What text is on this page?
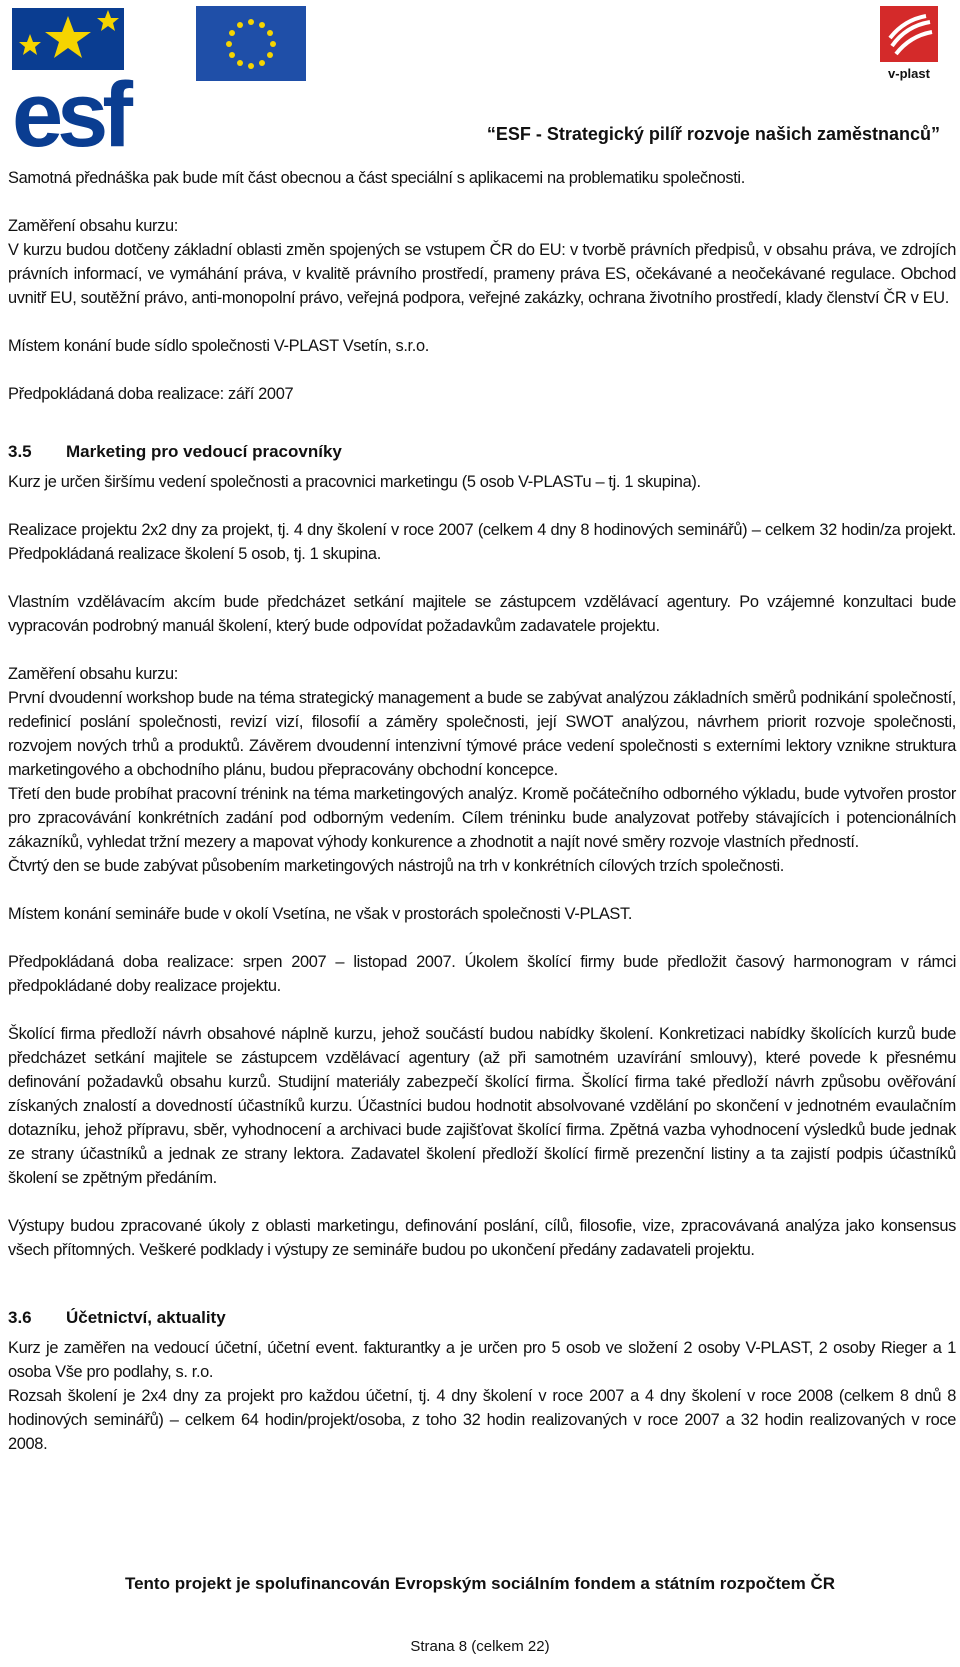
esf	v-plast
“ESF - Strategický pilíř rozvoje našich zaměstnanců”

Samotná přednáška pak bude mít část obecnou a část speciální s aplikacemi na problematiku společnosti.

Zaměření obsahu kurzu:
V kurzu budou dotčeny základní oblasti změn spojených se vstupem ČR do EU: v tvorbě právních předpisů, v obsahu práva, ve zdrojích právních informací, ve vymáhání práva, v kvalitě právního prostředí, prameny práva ES, očekávané a neočekávané regulace. Obchod uvnitř EU, soutěžní právo, anti-monopolní právo, veřejná podpora, veřejné zakázky, ochrana životního prostředí, klady členství ČR v EU.

Místem konání bude sídlo společnosti V-PLAST Vsetín, s.r.o.

Předpokládaná doba realizace: září 2007

3.5 Marketing pro vedoucí pracovníky

Kurz je určen širšímu vedení společnosti a pracovnici marketingu (5 osob V-PLASTu – tj. 1 skupina).

Realizace projektu 2x2 dny za projekt, tj. 4 dny školení v roce 2007 (celkem 4 dny 8 hodinových seminářů) – celkem 32 hodin/za projekt. Předpokládaná realizace školení 5 osob, tj. 1 skupina.

Vlastním vzdělávacím akcím bude předcházet setkání majitele se zástupcem vzdělávací agentury. Po vzájemné konzultaci bude vypracován podrobný manuál školení, který bude odpovídat požadavkům zadavatele projektu.

Zaměření obsahu kurzu:
První dvoudenní workshop bude na téma strategický management a bude se zabývat analýzou základních směrů podnikání společností, redefinicí poslání společnosti, revizí vizí, filosofií a záměry společnosti, její SWOT analýzou, návrhem priorit rozvoje společnosti, rozvojem nových trhů a produktů. Závěrem dvoudenní intenzivní týmové práce vedení společnosti s externími lektory vznikne struktura marketingového a obchodního plánu, budou přepracovány obchodní koncepce.
Třetí den bude probíhat pracovní trénink na téma marketingových analýz. Kromě počátečního odborného výkladu, bude vytvořen prostor pro zpracovávání konkrétních zadání pod odborným vedením. Cílem tréninku bude analyzovat potřeby stávajících i potencionálních zákazníků, vyhledat tržní mezery a mapovat výhody konkurence a zhodnotit a najít nové směry rozvoje vlastních předností.
Čtvrtý den se bude zabývat působením marketingových nástrojů na trh v konkrétních cílových trzích společnosti.

Místem konání semináře bude v okolí Vsetína, ne však v prostorách společnosti V-PLAST.

Předpokládaná doba realizace: srpen 2007 – listopad 2007. Úkolem školící firmy bude předložit časový harmonogram v rámci předpokládané doby realizace projektu.

Školící firma předloží návrh obsahové náplně kurzu, jehož součástí budou nabídky školení. Konkretizaci nabídky školících kurzů bude předcházet setkání majitele se zástupcem vzdělávací agentury (až při samotném uzavírání smlouvy), které povede k přesnému definování požadavků obsahu kurzů. Studijní materiály zabezpečí školící firma. Školící firma také předloží návrh způsobu ověřování získaných znalostí a dovedností účastníků kurzu. Účastníci budou hodnotit absolvované vzdělání po skončení v jednotném evaulačním dotazníku, jehož přípravu, sběr, vyhodnocení a archivaci bude zajišťovat školící firma. Zpětná vazba vyhodnocení výsledků bude jednak ze strany účastníků a jednak ze strany lektora. Zadavatel školení předloží školící firmě prezenční listiny a ta zajistí podpis účastníků školení se zpětným předáním.

Výstupy budou zpracované úkoly z oblasti marketingu, definování poslání, cílů, filosofie, vize, zpracovávaná analýza jako konsensus všech přítomných. Veškeré podklady i výstupy ze semináře budou po ukončení předány zadavateli projektu.

3.6 Účetnictví, aktuality

Kurz je zaměřen na vedoucí účetní, účetní event. fakturantky a je určen pro 5 osob ve složení 2 osoby V-PLAST, 2 osoby Rieger a 1 osoba Vše pro podlahy, s. r.o.

Rozsah školení je 2x4 dny za projekt pro každou účetní, tj. 4 dny školení v roce 2007 a 4 dny školení v roce 2008 (celkem 8 dnů 8 hodinových seminářů) – celkem 64 hodin/projekt/osoba, z toho 32 hodin realizovaných v roce 2007 a 32 hodin realizovaných v roce 2008.

Tento projekt je spolufinancován Evropským sociálním fondem a státním rozpočtem ČR
Strana 8 (celkem 22)
